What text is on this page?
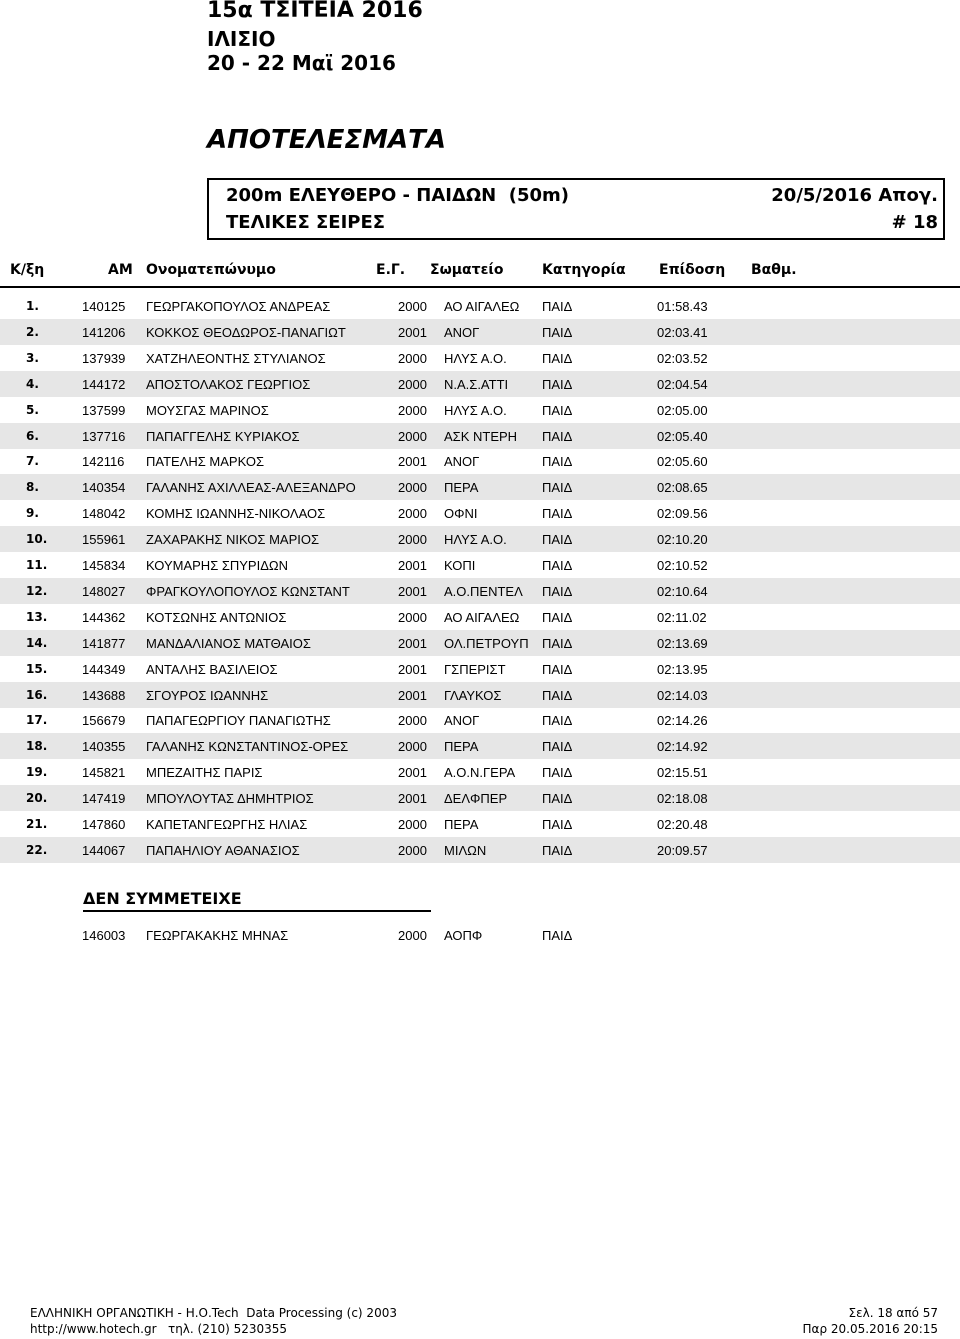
15α ΤΣΙΤΕΙΑ 2016
ΙΛΙΣΙΟ
20 - 22 Μαϊ 2016
ΑΠΟΤΕΛΕΣΜΑΤΑ
200m ΕΛΕΥΘΕΡΟ - ΠΑΙΔΩΝ  (50m)	20/5/2016 Απογ.
ΤΕΛΙΚΕΣ ΣΕΙΡΕΣ	# 18
Κ/ξη	ΑΜ Ονοματεπώνυμο	Ε.Γ. Σωματείο	Κατηγορία Επίδοση Βαθμ.
1.	140125 ΓΕΩΡΓΑΚΟΠΟΥΛΟΣ ΑΝΔΡΕΑΣ	2000 ΑΟ ΑΙΓΑΛΕΩ	ΠΑΙΔ	01:58.43
2.	141206 ΚΟΚΚΟΣ ΘΕΟΔΩΡΟΣ-ΠΑΝΑΓΙΩΤ	2001 ΑΝΟΓ	ΠΑΙΔ	02:03.41
3.	137939 ΧΑΤΖΗΛΕΟΝΤΗΣ ΣΤΥΛΙΑΝΟΣ	2000 ΗΛΥΣ Α.Ο.	ΠΑΙΔ	02:03.52
4.	144172 ΑΠΟΣΤΟΛΑΚΟΣ ΓΕΩΡΓΙΟΣ	2000 Ν.Α.Σ.ΑΤΤΙ	ΠΑΙΔ	02:04.54
5.	137599 ΜΟΥΣΓΑΣ ΜΑΡΙΝΟΣ	2000 ΗΛΥΣ Α.Ο.	ΠΑΙΔ	02:05.00
6.	137716 ΠΑΠΑΓΓΕΛΗΣ ΚΥΡΙΑΚΟΣ	2000 ΑΣΚ ΝΤΕΡΗ	ΠΑΙΔ	02:05.40
7.	142116 ΠΑΤΕΛΗΣ ΜΑΡΚΟΣ	2001 ΑΝΟΓ	ΠΑΙΔ	02:05.60
8.	140354 ΓΑΛΑΝΗΣ ΑΧΙΛΛΕΑΣ-ΑΛΕΞΑΝΔΡΟ	2000 ΠΕΡΑ	ΠΑΙΔ	02:08.65
9.	148042 ΚΟΜΗΣ ΙΩΑΝΝΗΣ-ΝΙΚΟΛΑΟΣ	2000 ΟΦΝΙ	ΠΑΙΔ	02:09.56
10.	155961 ΖΑΧΑΡΑΚΗΣ ΝΙΚΟΣ ΜΑΡΙΟΣ	2000 ΗΛΥΣ Α.Ο.	ΠΑΙΔ	02:10.20
11.	145834 ΚΟΥΜΑΡΗΣ ΣΠΥΡΙΔΩΝ	2001 ΚΟΠΙ	ΠΑΙΔ	02:10.52
12.	148027 ΦΡΑΓΚΟΥΛΟΠΟΥΛΟΣ ΚΩΝΣΤΑΝΤ	2001 Α.Ο.ΠΕΝΤΕΛ	ΠΑΙΔ	02:10.64
13.	144362 ΚΟΤΣΩΝΗΣ ΑΝΤΩΝΙΟΣ	2000 ΑΟ ΑΙΓΑΛΕΩ	ΠΑΙΔ	02:11.02
14.	141877 ΜΑΝΔΑΛΙΑΝΟΣ ΜΑΤΘΑΙΟΣ	2001 ΟΛ.ΠΕΤΡΟΥΠ	ΠΑΙΔ	02:13.69
15.	144349 ΑΝΤΑΛΗΣ ΒΑΣΙΛΕΙΟΣ	2001 ΓΣΠΕΡΙΣΤ	ΠΑΙΔ	02:13.95
16.	143688 ΣΓΟΥΡΟΣ ΙΩΑΝΝΗΣ	2001 ΓΛΑΥΚΟΣ	ΠΑΙΔ	02:14.03
17.	156679 ΠΑΠΑΓΕΩΡΓΙΟΥ ΠΑΝΑΓΙΩΤΗΣ	2000 ΑΝΟΓ	ΠΑΙΔ	02:14.26
18.	140355 ΓΑΛΑΝΗΣ ΚΩΝΣΤΑΝΤΙΝΟΣ-ΟΡΕΣ	2000 ΠΕΡΑ	ΠΑΙΔ	02:14.92
19.	145821 ΜΠΕΖΑΙΤΗΣ ΠΑΡΙΣ	2001 Α.Ο.Ν.ΓΕΡΑ	ΠΑΙΔ	02:15.51
20.	147419 ΜΠΟΥΛΟΥΤΑΣ ΔΗΜΗΤΡΙΟΣ	2001 ΔΕΛΦΠΕΡ	ΠΑΙΔ	02:18.08
21.	147860 ΚΑΠΕΤΑΝΓΕΩΡΓΗΣ ΗΛΙΑΣ	2000 ΠΕΡΑ	ΠΑΙΔ	02:20.48
22.	144067 ΠΑΠΑΗΛΙΟΥ ΑΘΑΝΑΣΙΟΣ	2000 ΜΙΛΩΝ	ΠΑΙΔ	20:09.57
ΔΕΝ ΣΥΜΜΕΤΕΙΧΕ
146003 ΓΕΩΡΓΑΚΑΚΗΣ ΜΗΝΑΣ	2000 ΑΟΠΦ	ΠΑΙΔ
ΕΛΛΗΝΙΚΗ ΟΡΓΑΝΩΤΙΚΗ - Η.Ο.Tech  Data Processing (c) 2003
http://www.hotech.gr   τηλ. (210) 5230355
Σελ. 18 από 57
Παρ 20.05.2016 20:15
